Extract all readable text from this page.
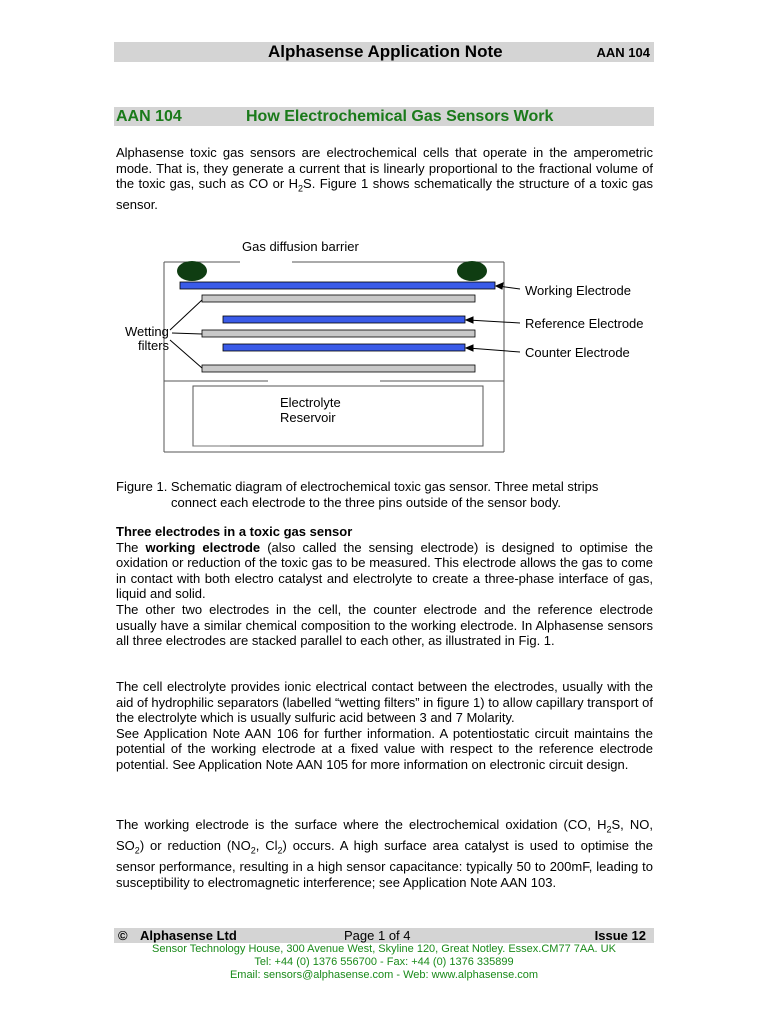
Alphasense Application Note	AAN 104
AAN 104	How Electrochemical Gas Sensors Work

Alphasense toxic gas sensors are electrochemical cells that operate in the amperometric mode. That is, they generate a current that is linearly proportional to the fractional volume of the toxic gas, such as CO or $H_2S$. Figure 1 shows schematically the structure of a toxic gas sensor.

Gas diffusion barrier
Working Electrode
Reference Electrode
Counter Electrode
Wetting
filters
Electrolyte
Reservoir
Figure 1. Schematic diagram of electrochemical toxic gas sensor. Three metal strips
connect each electrode to the three pins outside of the sensor body.

Three electrodes in a toxic gas sensor

The working electrode (also called the sensing electrode) is designed to optimise the oxidation or reduction of the toxic gas to be measured. This electrode allows the gas to come in contact with both electro catalyst and electrolyte to create a three-phase interface of gas, liquid and solid.

The other two electrodes in the cell, the counter electrode and the reference electrode usually have a similar chemical composition to the working electrode. In Alphasense sensors all three electrodes are stacked parallel to each other, as illustrated in Fig. 1.

The cell electrolyte provides ionic electrical contact between the electrodes, usually with the aid of hydrophilic separators (labelled “wetting filters” in figure 1) to allow capillary transport of the electrolyte which is usually sulfuric acid between 3 and 7 Molarity.

See Application Note AAN 106 for further information. A potentiostatic circuit maintains the potential of the working electrode at a fixed value with respect to the reference electrode potential. See Application Note AAN 105 for more information on electronic circuit design.

The working electrode is the surface where the electrochemical oxidation (CO, $H_2S$, NO, $SO_2$) or reduction ($NO_2$, $Cl_2$) occurs. A high surface area catalyst is used to optimise the sensor performance, resulting in a high sensor capacitance: typically 50 to 200mF, leading to susceptibility to electromagnetic interference; see Application Note AAN 103.

© Alphasense Ltd	Page 1 of 4	Issue 12
Sensor Technology House, 300 Avenue West, Skyline 120, Great Notley. Essex.CM77 7AA. UK
Tel: +44 (0) 1376 556700 - Fax: +44 (0) 1376 335899
Email: sensors@alphasense.com - Web: www.alphasense.com
